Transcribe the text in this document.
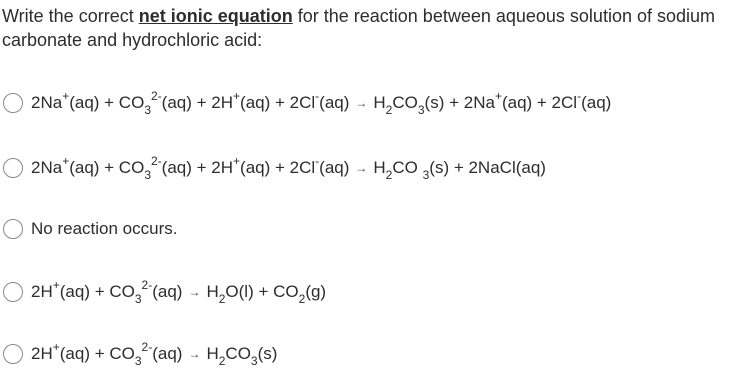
Write the correct net ionic equation for the reaction between aqueous solution of sodium carbonate and hydrochloric acid:
$2Na^+(aq) + CO_3^{2-}(aq) + 2H^+(aq) + 2Cl^-(aq) \to H_2CO_3(s) + 2Na^+(aq) + 2Cl^-(aq)$
$2Na^+(aq) + CO_3^{2-}(aq) + 2H^+(aq) + 2Cl^-(aq) \to H_2CO$ $_3$(s) + 2NaCl(aq)
No reaction occurs.
$2H^+(aq) + CO_3^{2-}(aq) \to H_2O(l) + CO_2(g)$
$2H^+(aq) + CO_3^{2-}(aq) \to H_2CO_3(s)$
